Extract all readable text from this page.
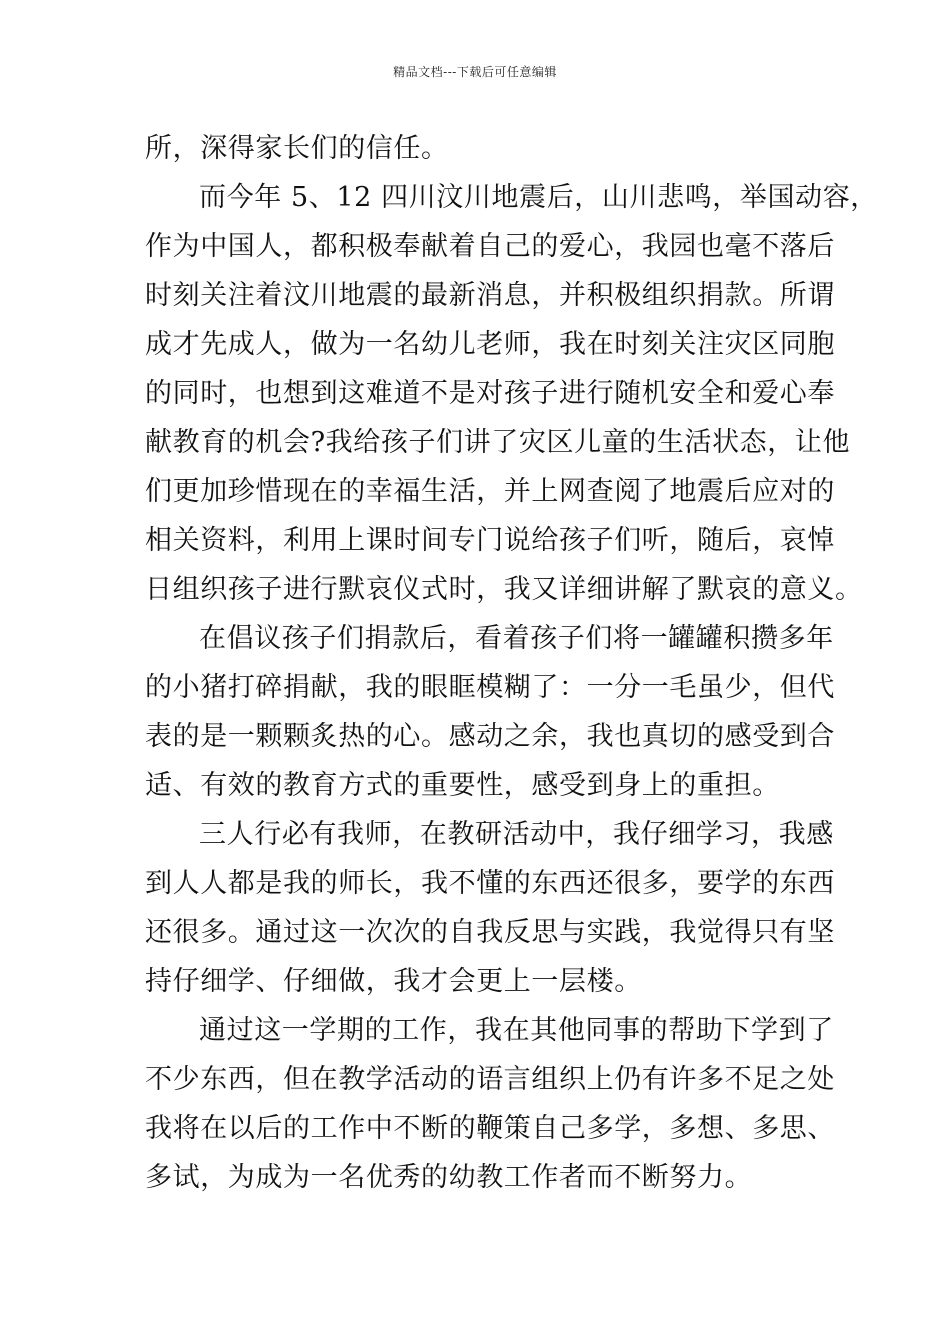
精品文档---下载后可任意编辑
所，深得家长们的信任。
而今年 5、12 四川汶川地震后，山川悲鸣，举国动容，
作为中国人，都积极奉献着自己的爱心，我园也毫不落后
时刻关注着汶川地震的最新消息，并积极组织捐款。所谓
成才先成人，做为一名幼儿老师，我在时刻关注灾区同胞
的同时，也想到这难道不是对孩子进行随机安全和爱心奉
献教育的机会?我给孩子们讲了灾区儿童的生活状态，让他
们更加珍惜现在的幸福生活，并上网查阅了地震后应对的
相关资料，利用上课时间专门说给孩子们听，随后，哀悼
日组织孩子进行默哀仪式时，我又详细讲解了默哀的意义。
在倡议孩子们捐款后，看着孩子们将一罐罐积攒多年
的小猪打碎捐献，我的眼眶模糊了：一分一毛虽少，但代
表的是一颗颗炙热的心。感动之余，我也真切的感受到合
适、有效的教育方式的重要性，感受到身上的重担。
三人行必有我师，在教研活动中，我仔细学习，我感
到人人都是我的师长，我不懂的东西还很多，要学的东西
还很多。通过这一次次的自我反思与实践，我觉得只有坚
持仔细学、仔细做，我才会更上一层楼。
通过这一学期的工作，我在其他同事的帮助下学到了
不少东西，但在教学活动的语言组织上仍有许多不足之处
我将在以后的工作中不断的鞭策自己多学，多想、多思、
多试，为成为一名优秀的幼教工作者而不断努力。
